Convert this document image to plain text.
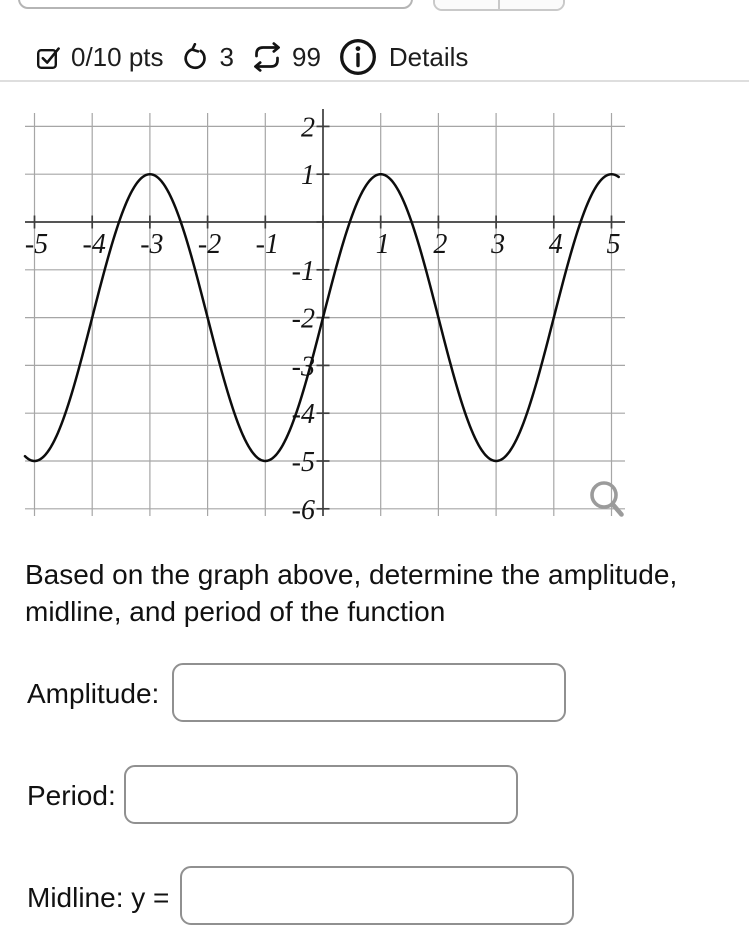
0/10 pts 3 99	Details
-5 -4 -3 -2 -1	1 2 3 4 5
2
1
-1
-2
-3
-4
-5
-6
Based on the graph above, determine the amplitude,
midline, and period of the function
Amplitude:
Period:
Midline: y =
